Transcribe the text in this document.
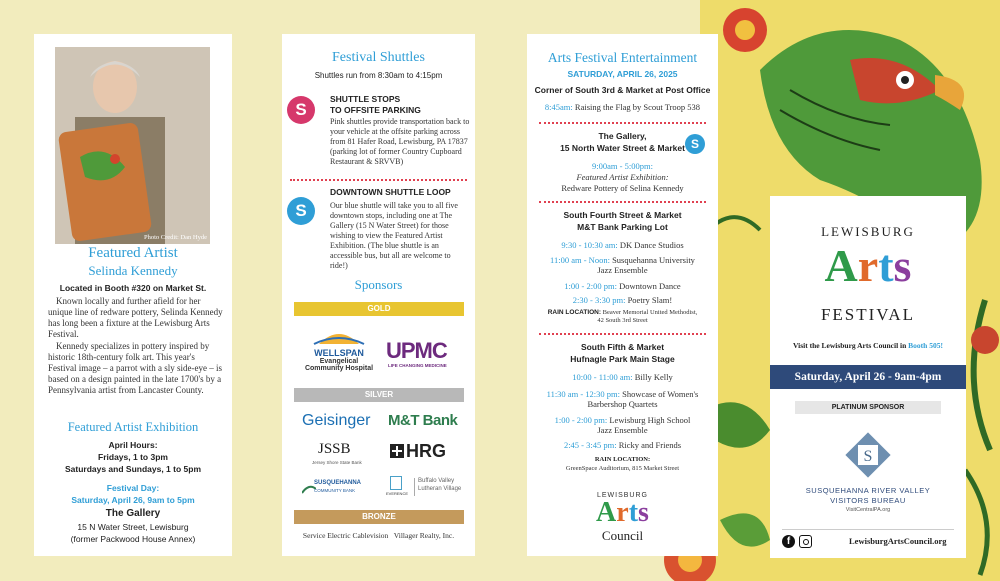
Photo Credit: Dan Hyde
Featured Artist
Selinda Kennedy
Located in Booth #320 on Market St.
Known locally and further afield for her unique line of redware pottery, Selinda Kennedy has long been a fixture at the Lewisburg Arts Festival.
Kennedy specializes in pottery inspired by historic 18th-century folk art. This year's Festival image – a parrot with a sly side-eye – is based on a design painted in the late 1700's by a Pennsylvania artist from Lancaster County.
Featured Artist Exhibition
April Hours:
Fridays, 1 to 3pm
Saturdays and Sundays, 1 to 5pm
Festival Day:
Saturday, April 26, 9am to 5pm
The Gallery
15 N Water Street, Lewisburg
(former Packwood House Annex)
Festival Shuttles
Shuttles run from 8:30am to 4:15pm
S
SHUTTLE STOPS
TO OFFSITE PARKING
Pink shuttles provide transportation back to your vehicle at the offsite parking across from 81 Hafer Road, Lewisburg, PA 17837 (parking lot of former Country Cupboard Restaurant & SRVVB)
S
DOWNTOWN SHUTTLE LOOP
Our blue shuttle will take you to all five downtown stops, including one at The Gallery (15 N Water Street) for those wishing to view the Featured Artist Exhibition. (The blue shuttle is an accessible bus, but all are welcome to ride!)
Sponsors
GOLD
WELLSPAN
Evangelical
Community Hospital
UPMC
LIFE CHANGING MEDICINE
SILVER
Geisinger M&T Bank
JSSB
Jersey Shore State Bank
HRG
SUSQUEHANNA
COMMUNITY BANK
EVERENCE
Buffalo Valley
Lutheran Village
BRONZE
Service Electric Cablevision   Villager Realty, Inc.
Arts Festival Entertainment
SATURDAY, APRIL 26, 2025
Corner of South 3rd & Market at Post Office
8:45am: Raising the Flag by Scout Troop 538
The Gallery,
15 North Water Street & Market S
9:00am - 5:00pm:
Featured Artist Exhibition:
Redware Pottery of Selina Kennedy
South Fourth Street & Market
M&T Bank Parking Lot
9:30 - 10:30 am: DK Dance Studios
11:00 am - Noon: Susquehanna University
Jazz Ensemble
1:00 - 2:00 pm: Downtown Dance
2:30 - 3:30 pm: Poetry Slam!
RAIN LOCATION: Beaver Memorial United Methodist,
42 South 3rd Street
South Fifth & Market
Hufnagle Park Main Stage
10:00 - 11:00 am: Billy Kelly
11:30 am - 12:30 pm: Showcase of Women's
Barbershop Quartets
1:00 - 2:00 pm: Lewisburg High School
Jazz Ensemble
2:45 - 3:45 pm: Ricky and Friends
RAIN LOCATION:
GreenSpace Auditorium, 815 Market Street
LEWISBURG
Arts
Council
LEWISBURG
Arts
FESTIVAL
Visit the Lewisburg Arts Council in Booth 505!
Saturday, April 26 - 9am-4pm
PLATINUM SPONSOR
S
SUSQUEHANNA RIVER VALLEY
VISITORS BUREAU
VisitCentralPA.org
f	LewisburgArtsCouncil.org
